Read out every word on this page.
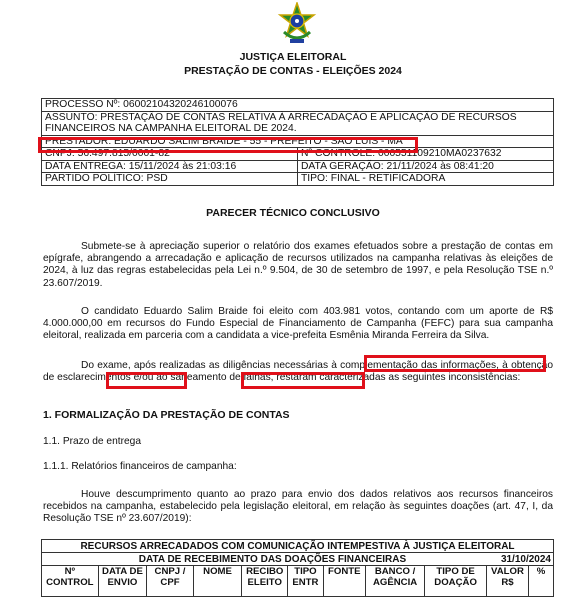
JUSTIÇA ELEITORAL
PRESTAÇÃO DE CONTAS - ELEIÇÕES 2024
PROCESSO Nº: 06002104320246100076	
ASSUNTO: PRESTAÇÃO DE CONTAS RELATIVA À ARRECADAÇÃO E APLICAÇÃO DE RECURSOS FINANCEIROS NA CAMPANHA ELEITORAL DE 2024.	
PRESTADOR: EDUARDO SALIM BRAIDE - 55 - PREFEITO - SAO LUIS - MA	
CNPJ: 56.497.815/0001-82	Nº CONTROLE: 000551109210MA0237632
DATA ENTREGA: 15/11/2024 às 21:03:16	DATA GERAÇÃO: 21/11/2024 às 08:41:20
PARTIDO POLÍTICO: PSD	TIPO: FINAL - RETIFICADORA
PARECER TÉCNICO CONCLUSIVO
Submete-se à apreciação superior o relatório dos exames efetuados sobre a prestação de contas em epígrafe, abrangendo a arrecadação e aplicação de recursos utilizados na campanha relativas às eleições de 2024, à luz das regras estabelecidas pela Lei n.º 9.504, de 30 de setembro de 1997, e pela Resolução TSE n.º 23.607/2019.
O candidato Eduardo Salim Braide foi eleito com 403.981 votos, contando com um aporte de R$ 4.000.000,00 em recursos do Fundo Especial de Financiamento de Campanha (FEFC) para sua campanha eleitoral, realizada em parceria com a candidata a vice-prefeita Esmênia Miranda Ferreira da Silva.
Do exame, após realizadas as diligências necessárias à complementação das informações, à obtenção de esclarecimentos e/ou ao saneamento de falhas, restaram caracterizadas as seguintes inconsistências:
1. FORMALIZAÇÃO DA PRESTAÇÃO DE CONTAS
1.1. Prazo de entrega
1.1.1. Relatórios financeiros de campanha:
Houve descumprimento quanto ao prazo para envio dos dados relativos aos recursos financeiros recebidos na campanha, estabelecido pela legislação eleitoral, em relação às seguintes doações (art. 47, I, da Resolução TSE nº 23.607/2019):
RECURSOS ARRECADADOS COM COMUNICAÇÃO INTEMPESTIVA À JUSTIÇA ELEITORAL
DATA DE RECEBIMENTO DAS DOAÇÕES FINANCEIRAS	31/10/2024

Nº CONTROL	DATA DE ENVIO	CNPJ / CPF	NOME	RECIBO ELEITO	TIPO ENTR	FONTE	BANCO / AGÊNCIA	TIPO DE DOAÇÃO	VALOR R$	%
